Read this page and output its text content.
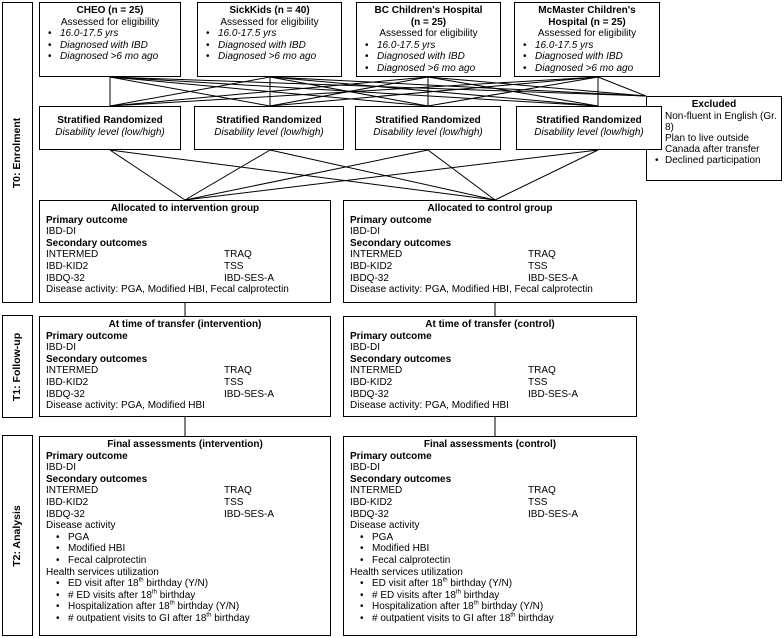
T0: Enrolment
T1: Follow-up
T2: Analysis
CHEO (n = 25)
Assessed for eligibility
• 16.0-17.5 yrs
• Diagnosed with IBD
• Diagnosed >6 mo ago
SickKids (n = 40)
Assessed for eligibility
• 16.0-17.5 yrs
• Diagnosed with IBD
• Diagnosed >6 mo ago
BC Children's Hospital
(n = 25)
Assessed for eligibility
• 16.0-17.5 yrs
• Diagnosed with IBD
• Diagnosed >6 mo ago
McMaster Children's
Hospital (n = 25)
Assessed for eligibility
• 16.0-17.5 yrs
• Diagnosed with IBD
• Diagnosed >6 mo ago
Excluded
• Non-fluent in English (Gr. 8)
• Plan to live outside Canada after transfer
• Declined participation
Stratified Randomized
Disability level (low/high)
Stratified Randomized
Disability level (low/high)
Stratified Randomized
Disability level (low/high)
Stratified Randomized
Disability level (low/high)
Allocated to intervention group
Primary outcome
IBD-DI
Secondary outcomes
INTERMED	TRAQ
IBD-KID2	TSS
IBDQ-32	IBD-SES-A
Disease activity: PGA, Modified HBI, Fecal calprotectin
Allocated to control group
Primary outcome
IBD-DI
Secondary outcomes
INTERMED	TRAQ
IBD-KID2	TSS
IBDQ-32	IBD-SES-A
Disease activity: PGA, Modified HBI, Fecal calprotectin
At time of transfer (intervention)
Primary outcome
IBD-DI
Secondary outcomes
INTERMED	TRAQ
IBD-KID2	TSS
IBDQ-32	IBD-SES-A
Disease activity: PGA, Modified HBI
At time of transfer (control)
Primary outcome
IBD-DI
Secondary outcomes
INTERMED	TRAQ
IBD-KID2	TSS
IBDQ-32	IBD-SES-A
Disease activity: PGA, Modified HBI
Final assessments (intervention)
Primary outcome
IBD-DI
Secondary outcomes
INTERMED	TRAQ
IBD-KID2	TSS
IBDQ-32	IBD-SES-A
Disease activity
• PGA
• Modified HBI
• Fecal calprotectin
Health services utilization
• ED visit after 18th birthday (Y/N)
• # ED visits after 18th birthday
• Hospitalization after 18th birthday (Y/N)
• # outpatient visits to GI after 18th birthday
Final assessments (control)
Primary outcome
IBD-DI
Secondary outcomes
INTERMED	TRAQ
IBD-KID2	TSS
IBDQ-32	IBD-SES-A
Disease activity
• PGA
• Modified HBI
• Fecal calprotectin
Health services utilization
• ED visit after 18th birthday (Y/N)
• # ED visits after 18th birthday
• Hospitalization after 18th birthday (Y/N)
• # outpatient visits to GI after 18th birthday
